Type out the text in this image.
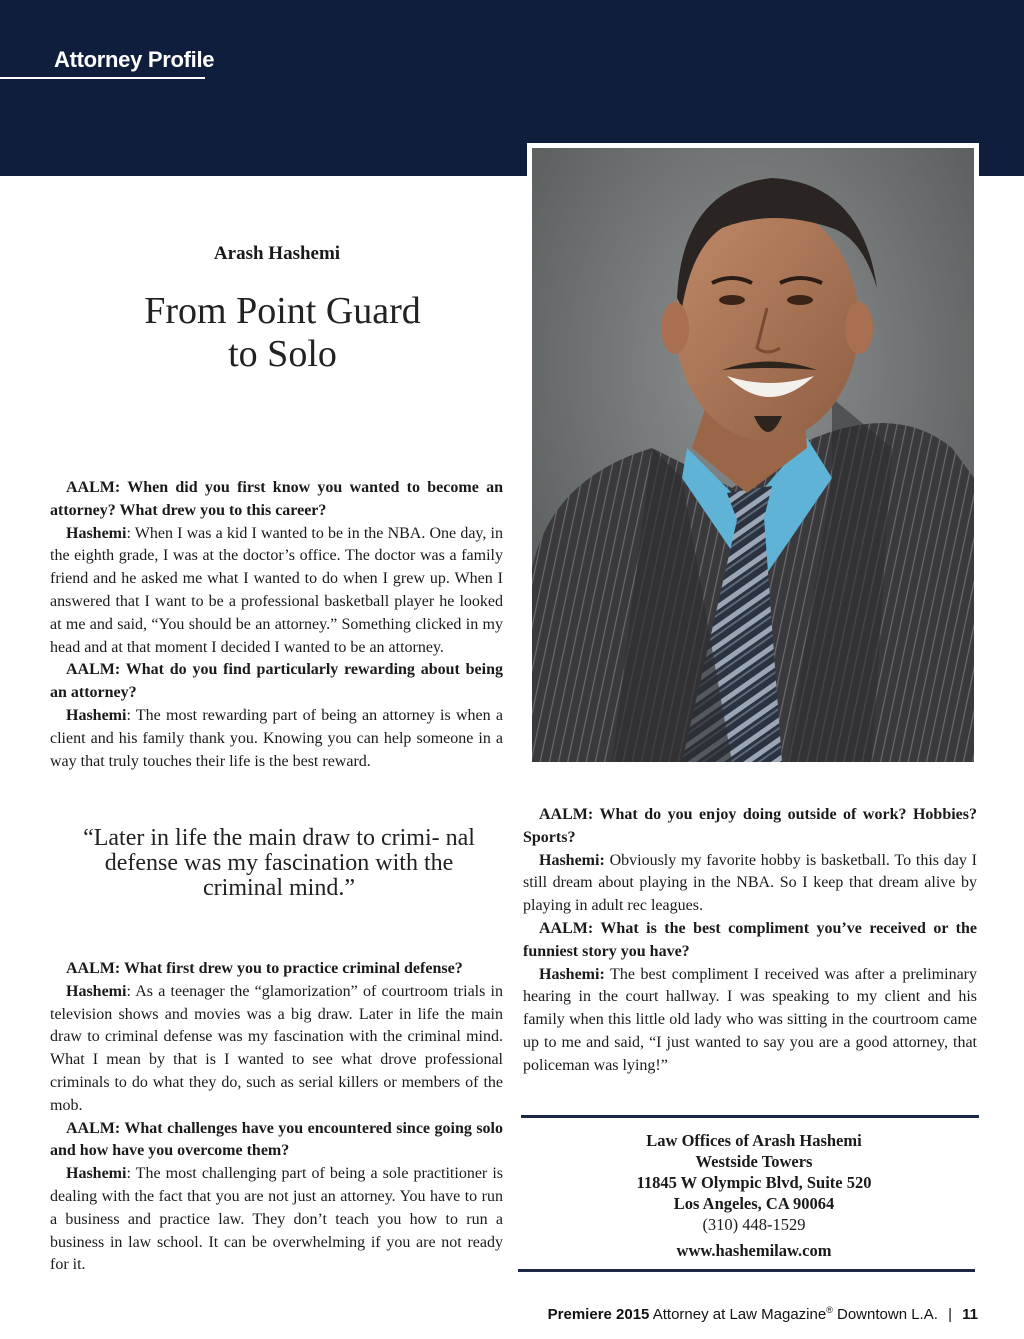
Attorney Profile
Arash Hashemi
From Point Guard
to Solo

AALM: When did you first know you wanted to become an attorney? What drew you to this career?

Hashemi: When I was a kid I wanted to be in the NBA. One day, in the eighth grade, I was at the doctor’s office. The doctor was a family friend and he asked me what I wanted to do when I grew up. When I answered that I want to be a professional basketball player he looked at me and said, “You should be an attorney.” Something clicked in my head and at that moment I decided I wanted to be an attorney.

AALM: What do you find particularly rewarding about being an attorney?

Hashemi: The most rewarding part of being an attorney is when a client and his family thank you. Knowing you can help someone in a way that truly touches their life is the best reward.

“Later in life the main draw to crimi- nal defense was my fascination with the criminal mind.”

AALM: What first drew you to practice criminal defense?

Hashemi: As a teenager the “glamorization” of courtroom trials in television shows and movies was a big draw. Later in life the main draw to criminal defense was my fascination with the criminal mind. What I mean by that is I wanted to see what drove professional criminals to do what they do, such as serial killers or members of the mob.

AALM: What challenges have you encountered since going solo and how have you overcome them?

Hashemi: The most challenging part of being a sole practitioner is dealing with the fact that you are not just an attorney. You have to run a business and practice law. They don’t teach you how to run a business in law school. It can be overwhelming if you are not ready for it.

AALM: What do you enjoy doing outside of work? Hobbies? Sports?

Hashemi: Obviously my favorite hobby is basketball. To this day I still dream about playing in the NBA. So I keep that dream alive by playing in adult rec leagues.

AALM: What is the best compliment you’ve received or the funniest story you have?

Hashemi: The best compliment I received was after a preliminary hearing in the court hallway. I was speaking to my client and his family when this little old lady who was sitting in the courtroom came up to me and said, “I just wanted to say you are a good attorney, that policeman was lying!”

Law Offices of Arash Hashemi
Westside Towers
11845 W Olympic Blvd, Suite 520
Los Angeles, CA 90064
(310) 448-1529
www.hashemilaw.com
Premiere 2015 Attorney at Law Magazine® Downtown L.A. | 11
